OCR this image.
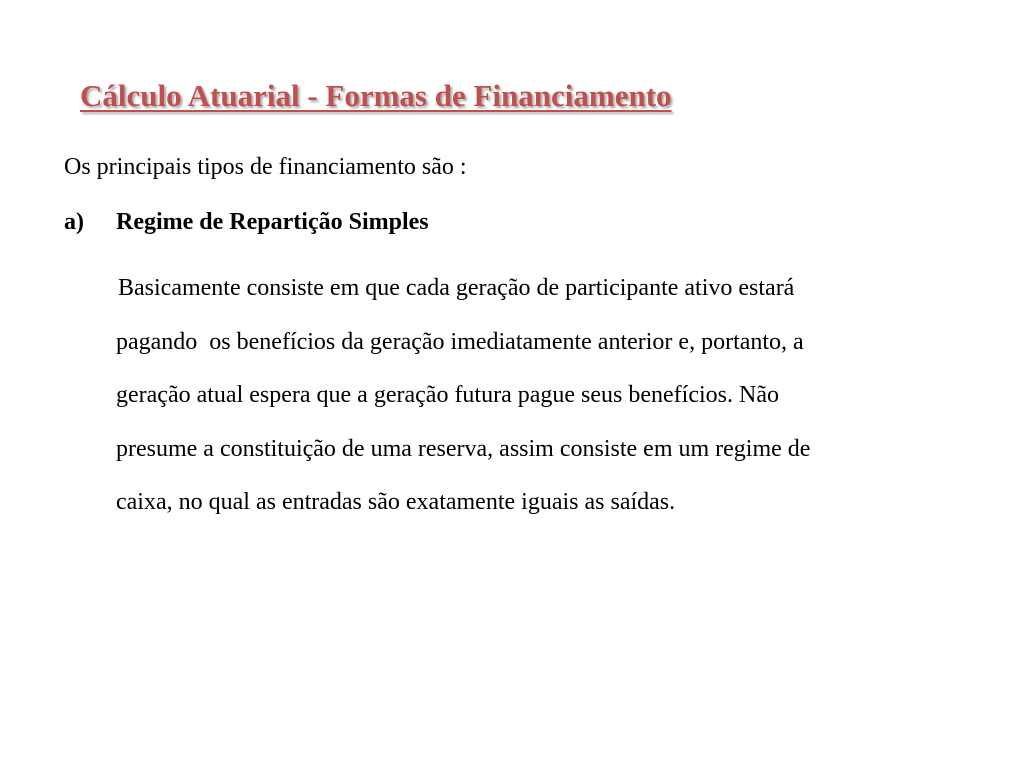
Cálculo Atuarial - Formas de Financiamento

Os principais tipos de financiamento são :

a) Regime de Repartição Simples

Basicamente consiste em que cada geração de participante ativo estará
pagando  os benefícios da geração imediatamente anterior e, portanto, a
geração atual espera que a geração futura pague seus benefícios. Não
presume a constituição de uma reserva, assim consiste em um regime de
caixa, no qual as entradas são exatamente iguais as saídas.
